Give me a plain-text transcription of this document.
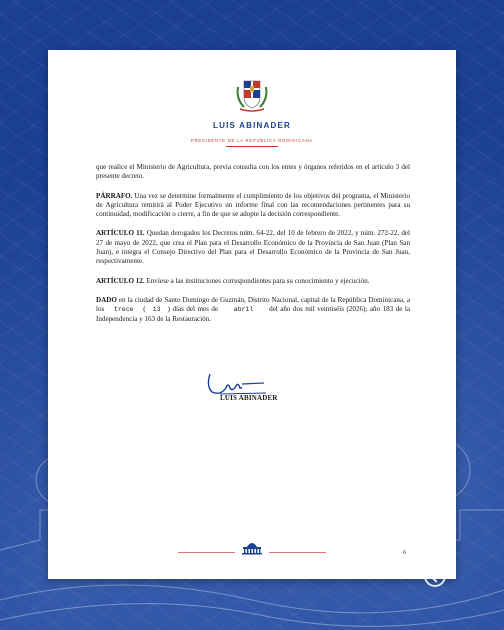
LUIS ABINADER
PRESIDENTE DE LA REPÚBLICA DOMINICANA

que realice el Ministerio de Agricultura, previa consulta con los entes y órganos referidos en el artículo 3 del presente decreto.

PÁRRAFO. Una vez se determine formalmente el cumplimiento de los objetivos del programa, el Ministerio de Agricultura remitirá al Poder Ejecutivo un informe final con las recomendaciones pertinentes para su continuidad, modificación o cierre, a fin de que se adopte la decisión correspondiente.

ARTÍCULO 11. Quedan derogados los Decretos núm. 64-22, del 10 de febrero de 2022, y núm. 272-22, del 27 de mayo de 2022, que crea el Plan para el Desarrollo Económico de la Provincia de San Juan (Plan San Juan), e integra el Consejo Directivo del Plan para el Desarrollo Económico de la Provincia de San Juan, respectivamente.

ARTÍCULO 12. Envíese a las instituciones correspondientes para su conocimiento y ejecución.

DADO en la ciudad de Santo Domingo de Guzmán, Distrito Nacional, capital de la República Dominicana, a los trece ( 13 ) días del mes de abril del año dos mil veintiséis (2026); año 183 de la Independencia y 163 de la Restauración.

LUIS ABINADER
6
